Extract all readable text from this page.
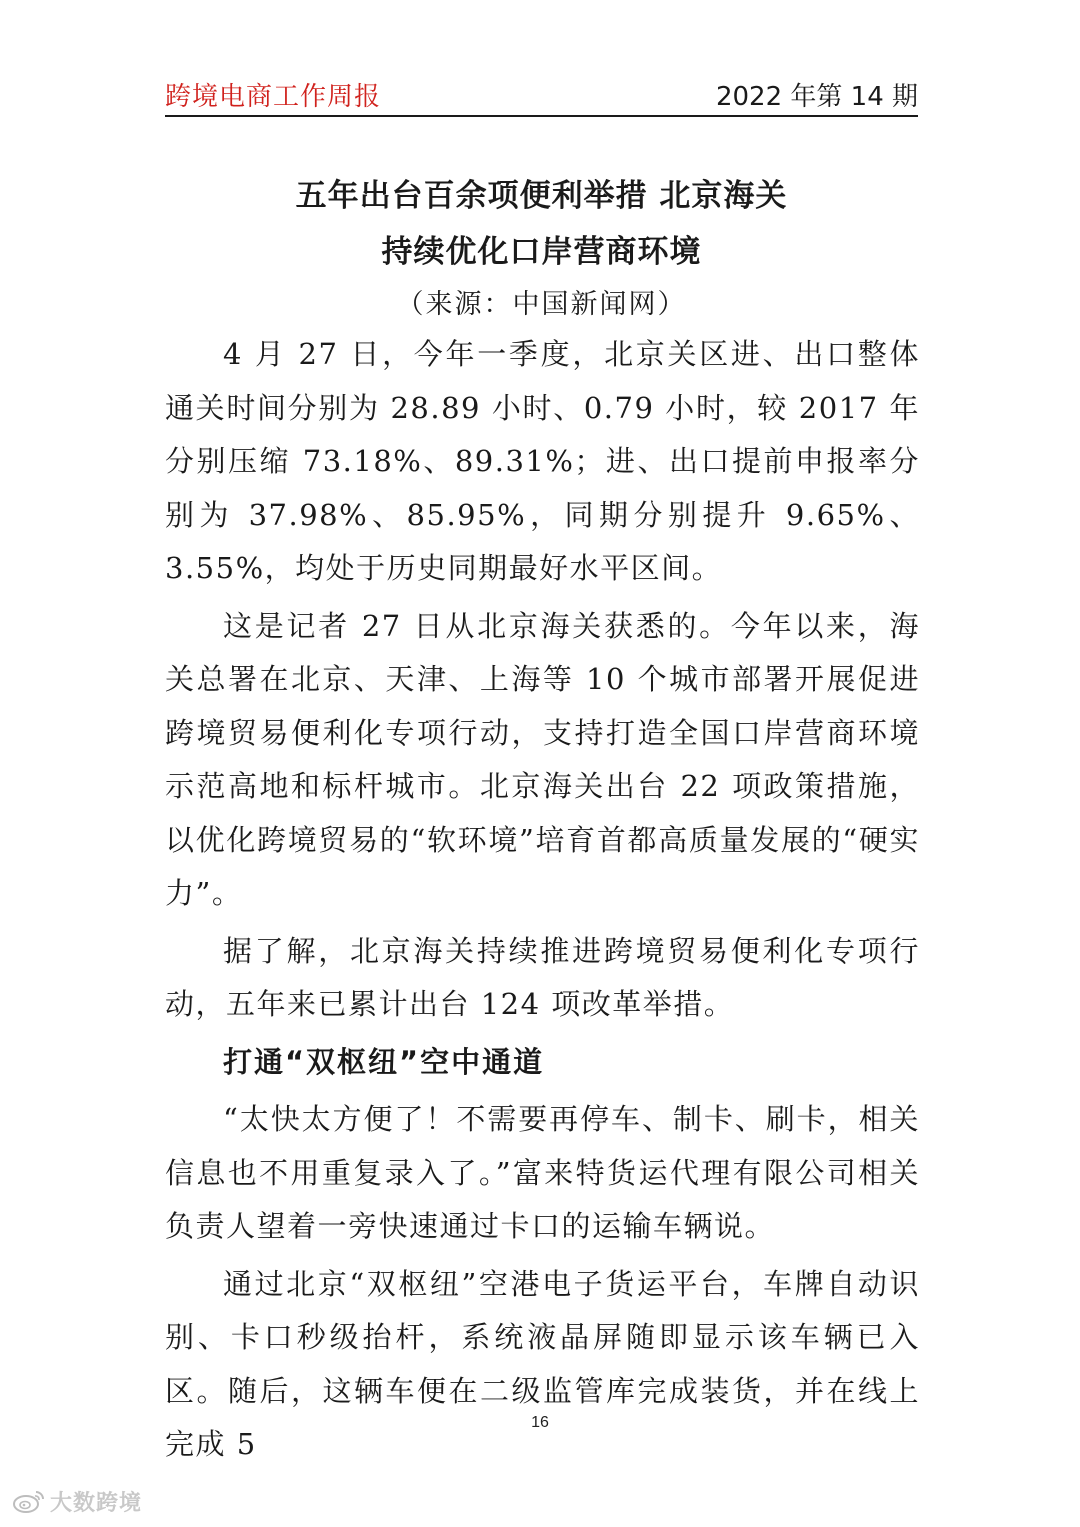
跨境电商工作周报	2022 年第 14 期
五年出台百余项便利举措 北京海关
持续优化口岸营商环境
（来源：中国新闻网）

4 月 27 日，今年一季度，北京关区进、出口整体通关时间分别为 28.89 小时、0.79 小时，较 2017 年分别压缩 73.18%、89.31%；进、出口提前申报率分别为 37.98%、85.95%，同期分别提升 9.65%、3.55%，均处于历史同期最好水平区间。

这是记者 27 日从北京海关获悉的。今年以来，海关总署在北京、天津、上海等 10 个城市部署开展促进跨境贸易便利化专项行动，支持打造全国口岸营商环境示范高地和标杆城市。北京海关出台 22 项政策措施，以优化跨境贸易的“软环境”培育首都高质量发展的“硬实力”。

据了解，北京海关持续推进跨境贸易便利化专项行动，五年来已累计出台 124 项改革举措。

打通“双枢纽”空中通道

“太快太方便了！不需要再停车、制卡、刷卡，相关信息也不用重复录入了。”富来特货运代理有限公司相关负责人望着一旁快速通过卡口的运输车辆说。

通过北京“双枢纽”空港电子货运平台，车牌自动识别、卡口秒级抬杆，系统液晶屏随即显示该车辆已入区。随后，这辆车便在二级监管库完成装货，并在线上完成 5

16
大数跨境
